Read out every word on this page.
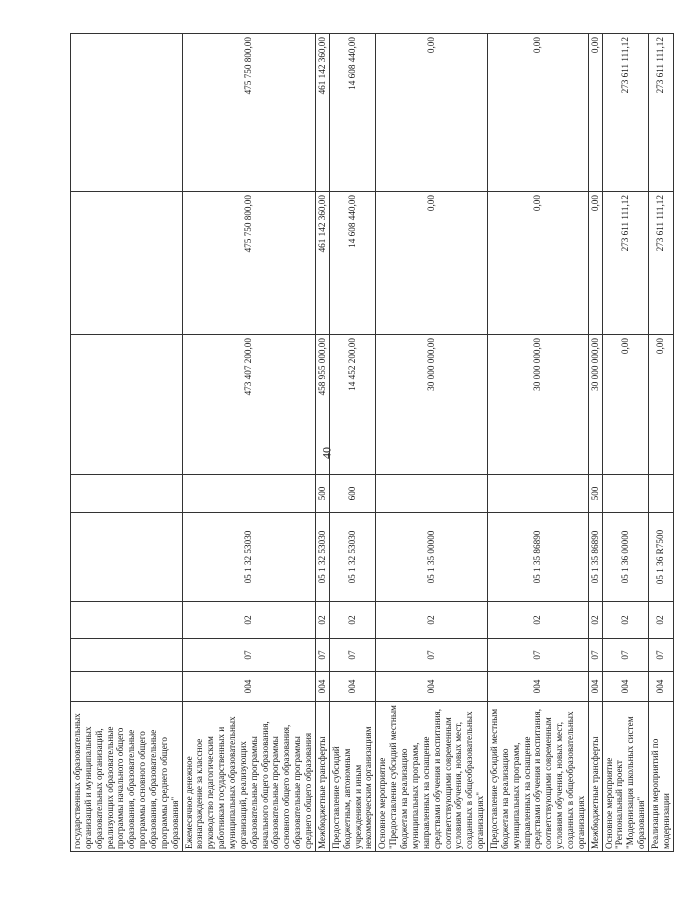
40
государственных образовательных организаций и муниципальных образовательных организаций, реализующих образовательные программы начального общего образования, образовательные программы основного общего образования, образовательные программы среднего общего образования"								
Ежемесячное денежное вознаграждение за классное руководство педагогическим работникам государственных и муниципальных образовательных организаций, реализующих образовательные программы начального общего образования, образовательные программы основного общего образования, образовательные программы среднего общего образования	004	07	02	05 1 32 53030		473 407 200,00	475 750 800,00	475 750 800,00
Межбюджетные трансферты	004	07	02	05 1 32 53030	500	458 955 000,00	461 142 360,00	461 142 360,00
Предоставление субсидий бюджетным, автономным учреждениям и иным некоммерческим организациям	004	07	02	05 1 32 53030	600	14 452 200,00	14 608 440,00	14 608 440,00
Основное мероприятие "Предоставление субсидий местным бюджетам на реализацию муниципальных программ, направленных на оснащение средствами обучения и воспитания, соответствующими современным условиям обучения, новых мест, созданных в общеобразовательных организациях"	004	07	02	05 1 35 00000		30 000 000,00	0,00	0,00
Предоставление субсидий местным бюджетам на реализацию муниципальных программ, направленных на оснащение средствами обучения и воспитания, соответствующими современным условиям обучения, новых мест, созданных в общеобразовательных организациях	004	07	02	05 1 35 86890		30 000 000,00	0,00	0,00
Межбюджетные трансферты	004	07	02	05 1 35 86890	500	30 000 000,00	0,00	0,00
Основное мероприятие "Региональный проект "Модернизация школьных систем образования"	004	07	02	05 1 36 00000		0,00	273 611 111,12	273 611 111,12
Реализация мероприятий по модернизации	004	07	02	05 1 36 R7500		0,00	273 611 111,12	273 611 111,12
